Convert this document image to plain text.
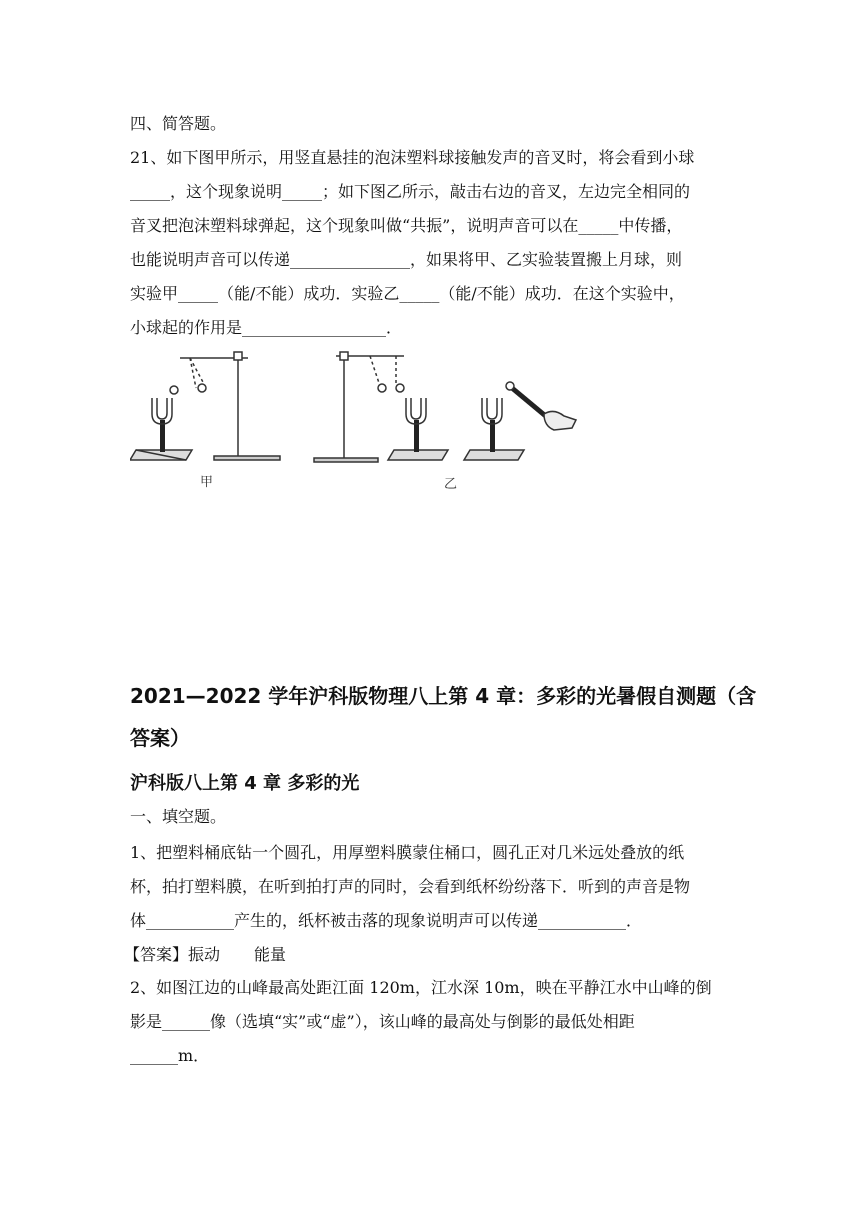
四、简答题。
21、如下图甲所示，用竖直悬挂的泡沫塑料球接触发声的音叉时，将会看到小球
_____，这个现象说明_____；如下图乙所示，敲击右边的音叉，左边完全相同的
音叉把泡沫塑料球弹起，这个现象叫做“共振”，说明声音可以在_____中传播，
也能说明声音可以传递_______________，如果将甲、乙实验装置搬上月球，则
实验甲_____（能/不能）成功．实验乙_____（能/不能）成功．在这个实验中，
小球起的作用是__________________．
甲	乙
2021—2022 学年沪科版物理八上第 4 章：多彩的光暑假自测题（含
答案）
沪科版八上第 4 章 多彩的光
一、填空题。
1、把塑料桶底钻一个圆孔，用厚塑料膜蒙住桶口，圆孔正对几米远处叠放的纸
杯，拍打塑料膜，在听到拍打声的同时，会看到纸杯纷纷落下．听到的声音是物
体___________产生的，纸杯被击落的现象说明声可以传递___________．
【答案】振动 能量
2、如图江边的山峰最高处距江面 120m，江水深 10m，映在平静江水中山峰的倒
影是______像（选填“实”或“虚”），该山峰的最高处与倒影的最低处相距
______m．
